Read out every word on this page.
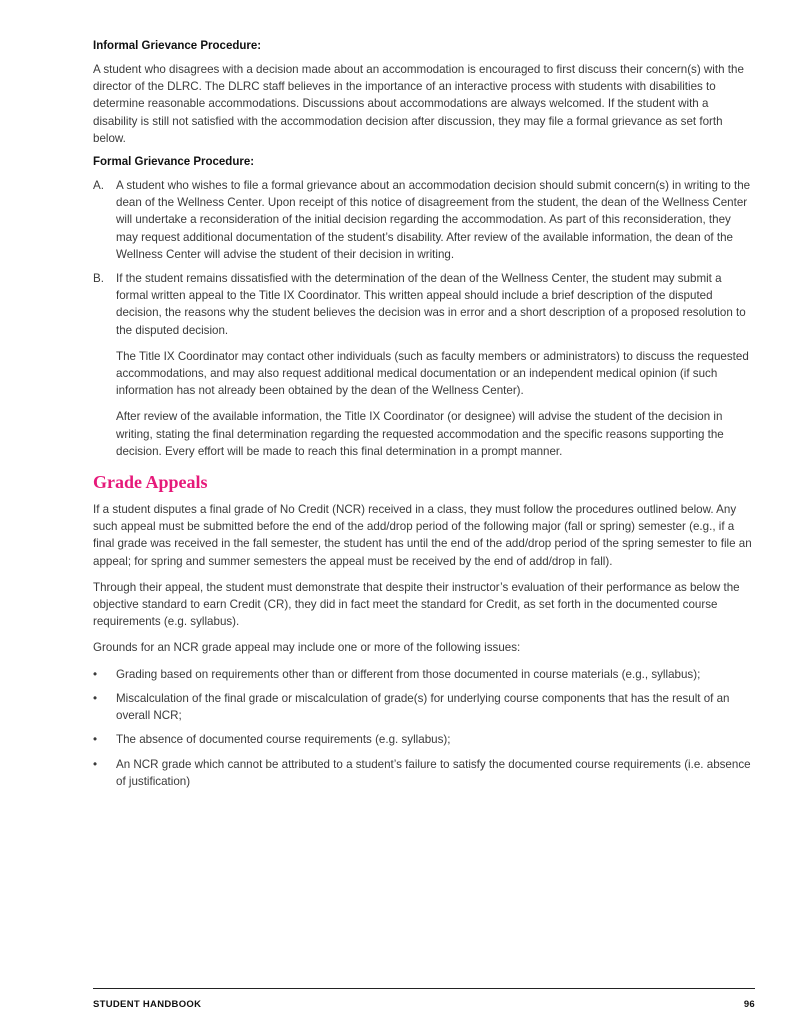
Informal Grievance Procedure:

A student who disagrees with a decision made about an accommodation is encouraged to first discuss their concern(s) with the director of the DLRC. The DLRC staff believes in the importance of an interactive process with students with disabilities to determine reasonable accommodations. Discussions about accommodations are always welcomed. If the student with a disability is still not satisfied with the accommodation decision after discussion, they may file a formal grievance as set forth below.

Formal Grievance Procedure:
A. A student who wishes to file a formal grievance about an accommodation decision should submit concern(s) in writing to the dean of the Wellness Center. Upon receipt of this notice of disagreement from the student, the dean of the Wellness Center will undertake a reconsideration of the initial decision regarding the accommodation. As part of this reconsideration, they may request additional documentation of the student’s disability. After review of the available information, the dean of the Wellness Center will advise the student of their decision in writing.
B. If the student remains dissatisfied with the determination of the dean of the Wellness Center, the student may submit a formal written appeal to the Title IX Coordinator. This written appeal should include a brief description of the disputed decision, the reasons why the student believes the decision was in error and a short description of a proposed resolution to the disputed decision.
The Title IX Coordinator may contact other individuals (such as faculty members or administrators) to discuss the requested accommodations, and may also request additional medical documentation or an independent medical opinion (if such information has not already been obtained by the dean of the Wellness Center).
After review of the available information, the Title IX Coordinator (or designee) will advise the student of the decision in writing, stating the final determination regarding the requested accommodation and the specific reasons supporting the decision. Every effort will be made to reach this final determination in a prompt manner.
Grade Appeals

If a student disputes a final grade of No Credit (NCR) received in a class, they must follow the procedures outlined below. Any such appeal must be submitted before the end of the add/drop period of the following major (fall or spring) semester (e.g., if a final grade was received in the fall semester, the student has until the end of the add/drop period of the spring semester to file an appeal; for spring and summer semesters the appeal must be received by the end of add/drop in fall).

Through their appeal, the student must demonstrate that despite their instructor’s evaluation of their performance as below the objective standard to earn Credit (CR), they did in fact meet the standard for Credit, as set forth in the documented course requirements (e.g. syllabus).

Grounds for an NCR grade appeal may include one or more of the following issues:

• Grading based on requirements other than or different from those documented in course materials (e.g., syllabus);
• Miscalculation of the final grade or miscalculation of grade(s) for underlying course components that has the result of an overall NCR;
• The absence of documented course requirements (e.g. syllabus);
• An NCR grade which cannot be attributed to a student’s failure to satisfy the documented course requirements (i.e. absence of justification)
STUDENT HANDBOOK	96
